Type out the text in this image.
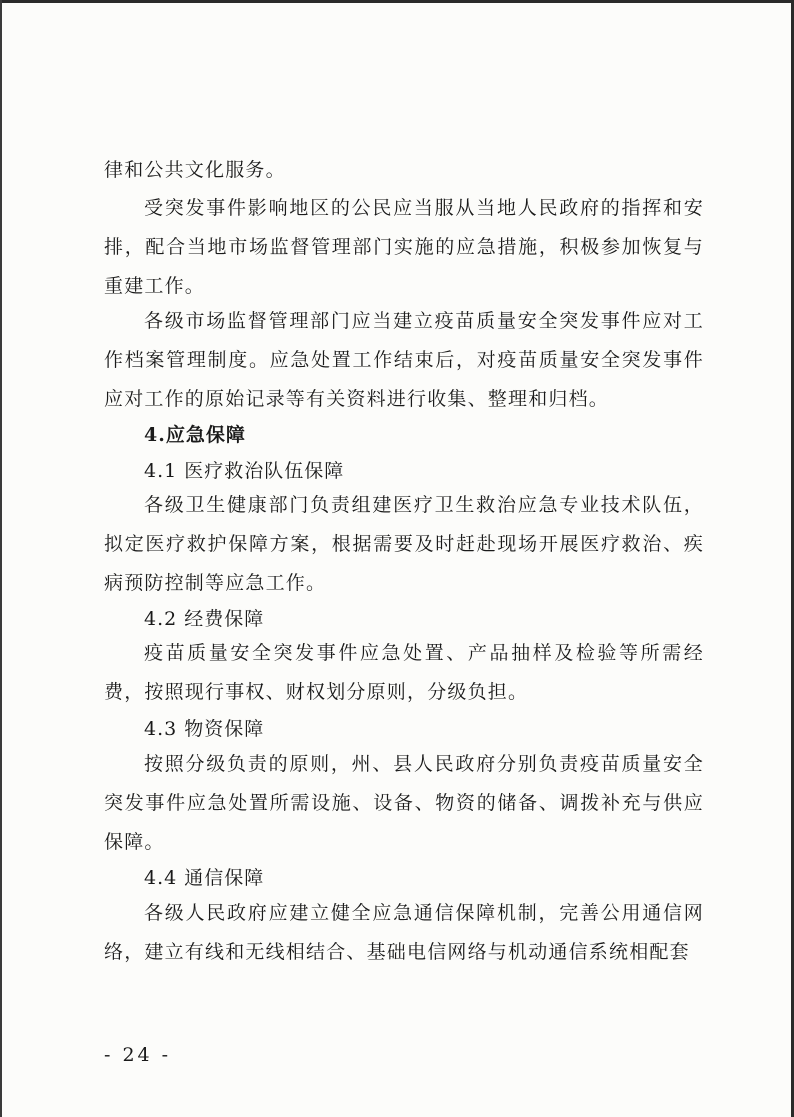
律和公共文化服务。

受突发事件影响地区的公民应当服从当地人民政府的指挥和安排，配合当地市场监督管理部门实施的应急措施，积极参加恢复与重建工作。

各级市场监督管理部门应当建立疫苗质量安全突发事件应对工作档案管理制度。应急处置工作结束后，对疫苗质量安全突发事件应对工作的原始记录等有关资料进行收集、整理和归档。

4.应急保障

4.1 医疗救治队伍保障

各级卫生健康部门负责组建医疗卫生救治应急专业技术队伍，拟定医疗救护保障方案，根据需要及时赶赴现场开展医疗救治、疾病预防控制等应急工作。

4.2 经费保障

疫苗质量安全突发事件应急处置、产品抽样及检验等所需经费，按照现行事权、财权划分原则，分级负担。

4.3 物资保障

按照分级负责的原则，州、县人民政府分别负责疫苗质量安全突发事件应急处置所需设施、设备、物资的储备、调拨补充与供应保障。

4.4 通信保障

各级人民政府应建立健全应急通信保障机制，完善公用通信网络，建立有线和无线相结合、基础电信网络与机动通信系统相配套

- 24 -
